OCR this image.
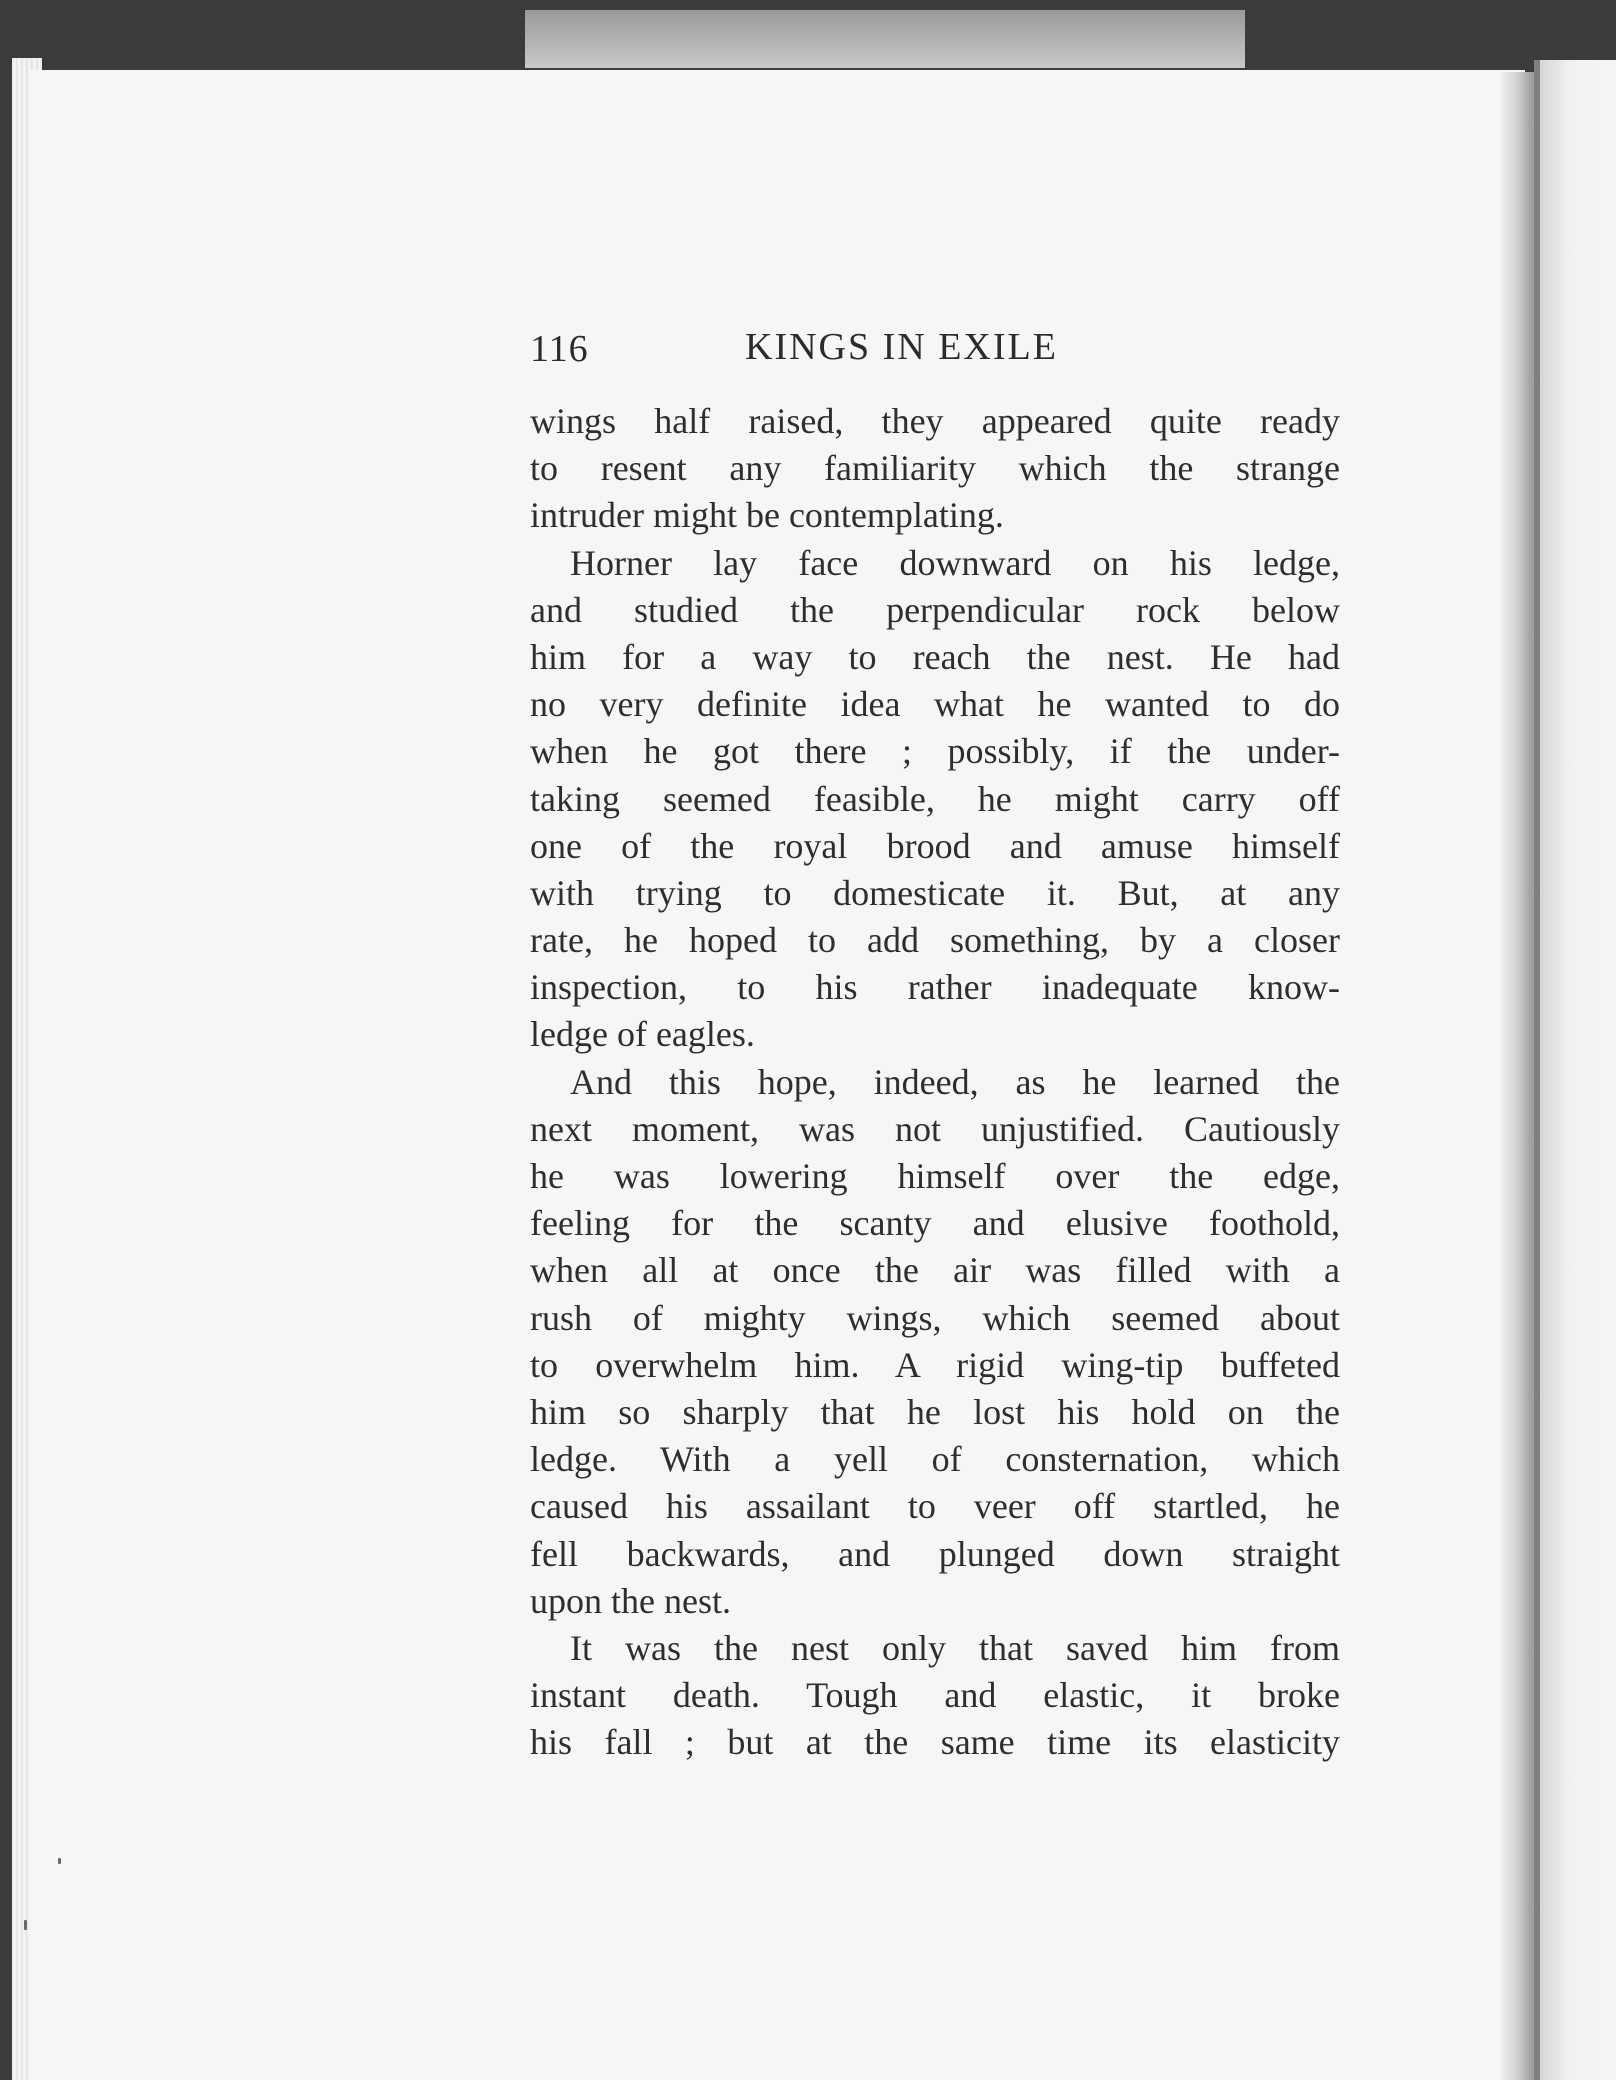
116	KINGS IN EXILE
wings half raised, they appeared quite ready
to resent any familiarity which the strange
intruder might be contemplating.
Horner lay face downward on his ledge,
and studied the perpendicular rock below
him for a way to reach the nest. He had
no very definite idea what he wanted to do
when he got there ; possibly, if the under-
taking seemed feasible, he might carry off
one of the royal brood and amuse himself
with trying to domesticate it. But, at any
rate, he hoped to add something, by a closer
inspection, to his rather inadequate know-
ledge of eagles.
And this hope, indeed, as he learned the
next moment, was not unjustified. Cautiously
he was lowering himself over the edge,
feeling for the scanty and elusive foothold,
when all at once the air was filled with a
rush of mighty wings, which seemed about
to overwhelm him. A rigid wing-tip buffeted
him so sharply that he lost his hold on the
ledge. With a yell of consternation, which
caused his assailant to veer off startled, he
fell backwards, and plunged down straight
upon the nest.
It was the nest only that saved him from
instant death. Tough and elastic, it broke
his fall ; but at the same time its elasticity
